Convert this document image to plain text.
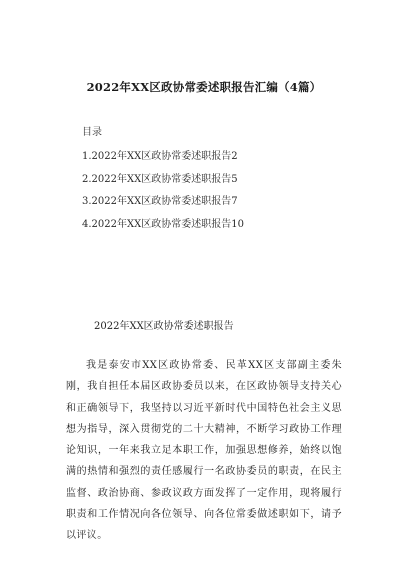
2022年XX区政协常委述职报告汇编（4篇）
目录
1.2022年XX区政协常委述职报告2
2.2022年XX区政协常委述职报告5
3.2022年XX区政协常委述职报告7
4.2022年XX区政协常委述职报告10
2022年XX区政协常委述职报告

我是泰安市XX区政协常委、民革XX区支部副主委朱刚，我自担任本届区政协委员以来，在区政协领导支持关心和正确领导下，我坚持以习近平新时代中国特色社会主义思想为指导，深入贯彻党的二十大精神，不断学习政协工作理论知识，一年来我立足本职工作，加强思想修养，始终以饱满的热情和强烈的责任感履行一名政协委员的职责，在民主监督、政治协商、参政议政方面发挥了一定作用，现将履行职责和工作情况向各位领导、向各位常委做述职如下，请予以评议。
